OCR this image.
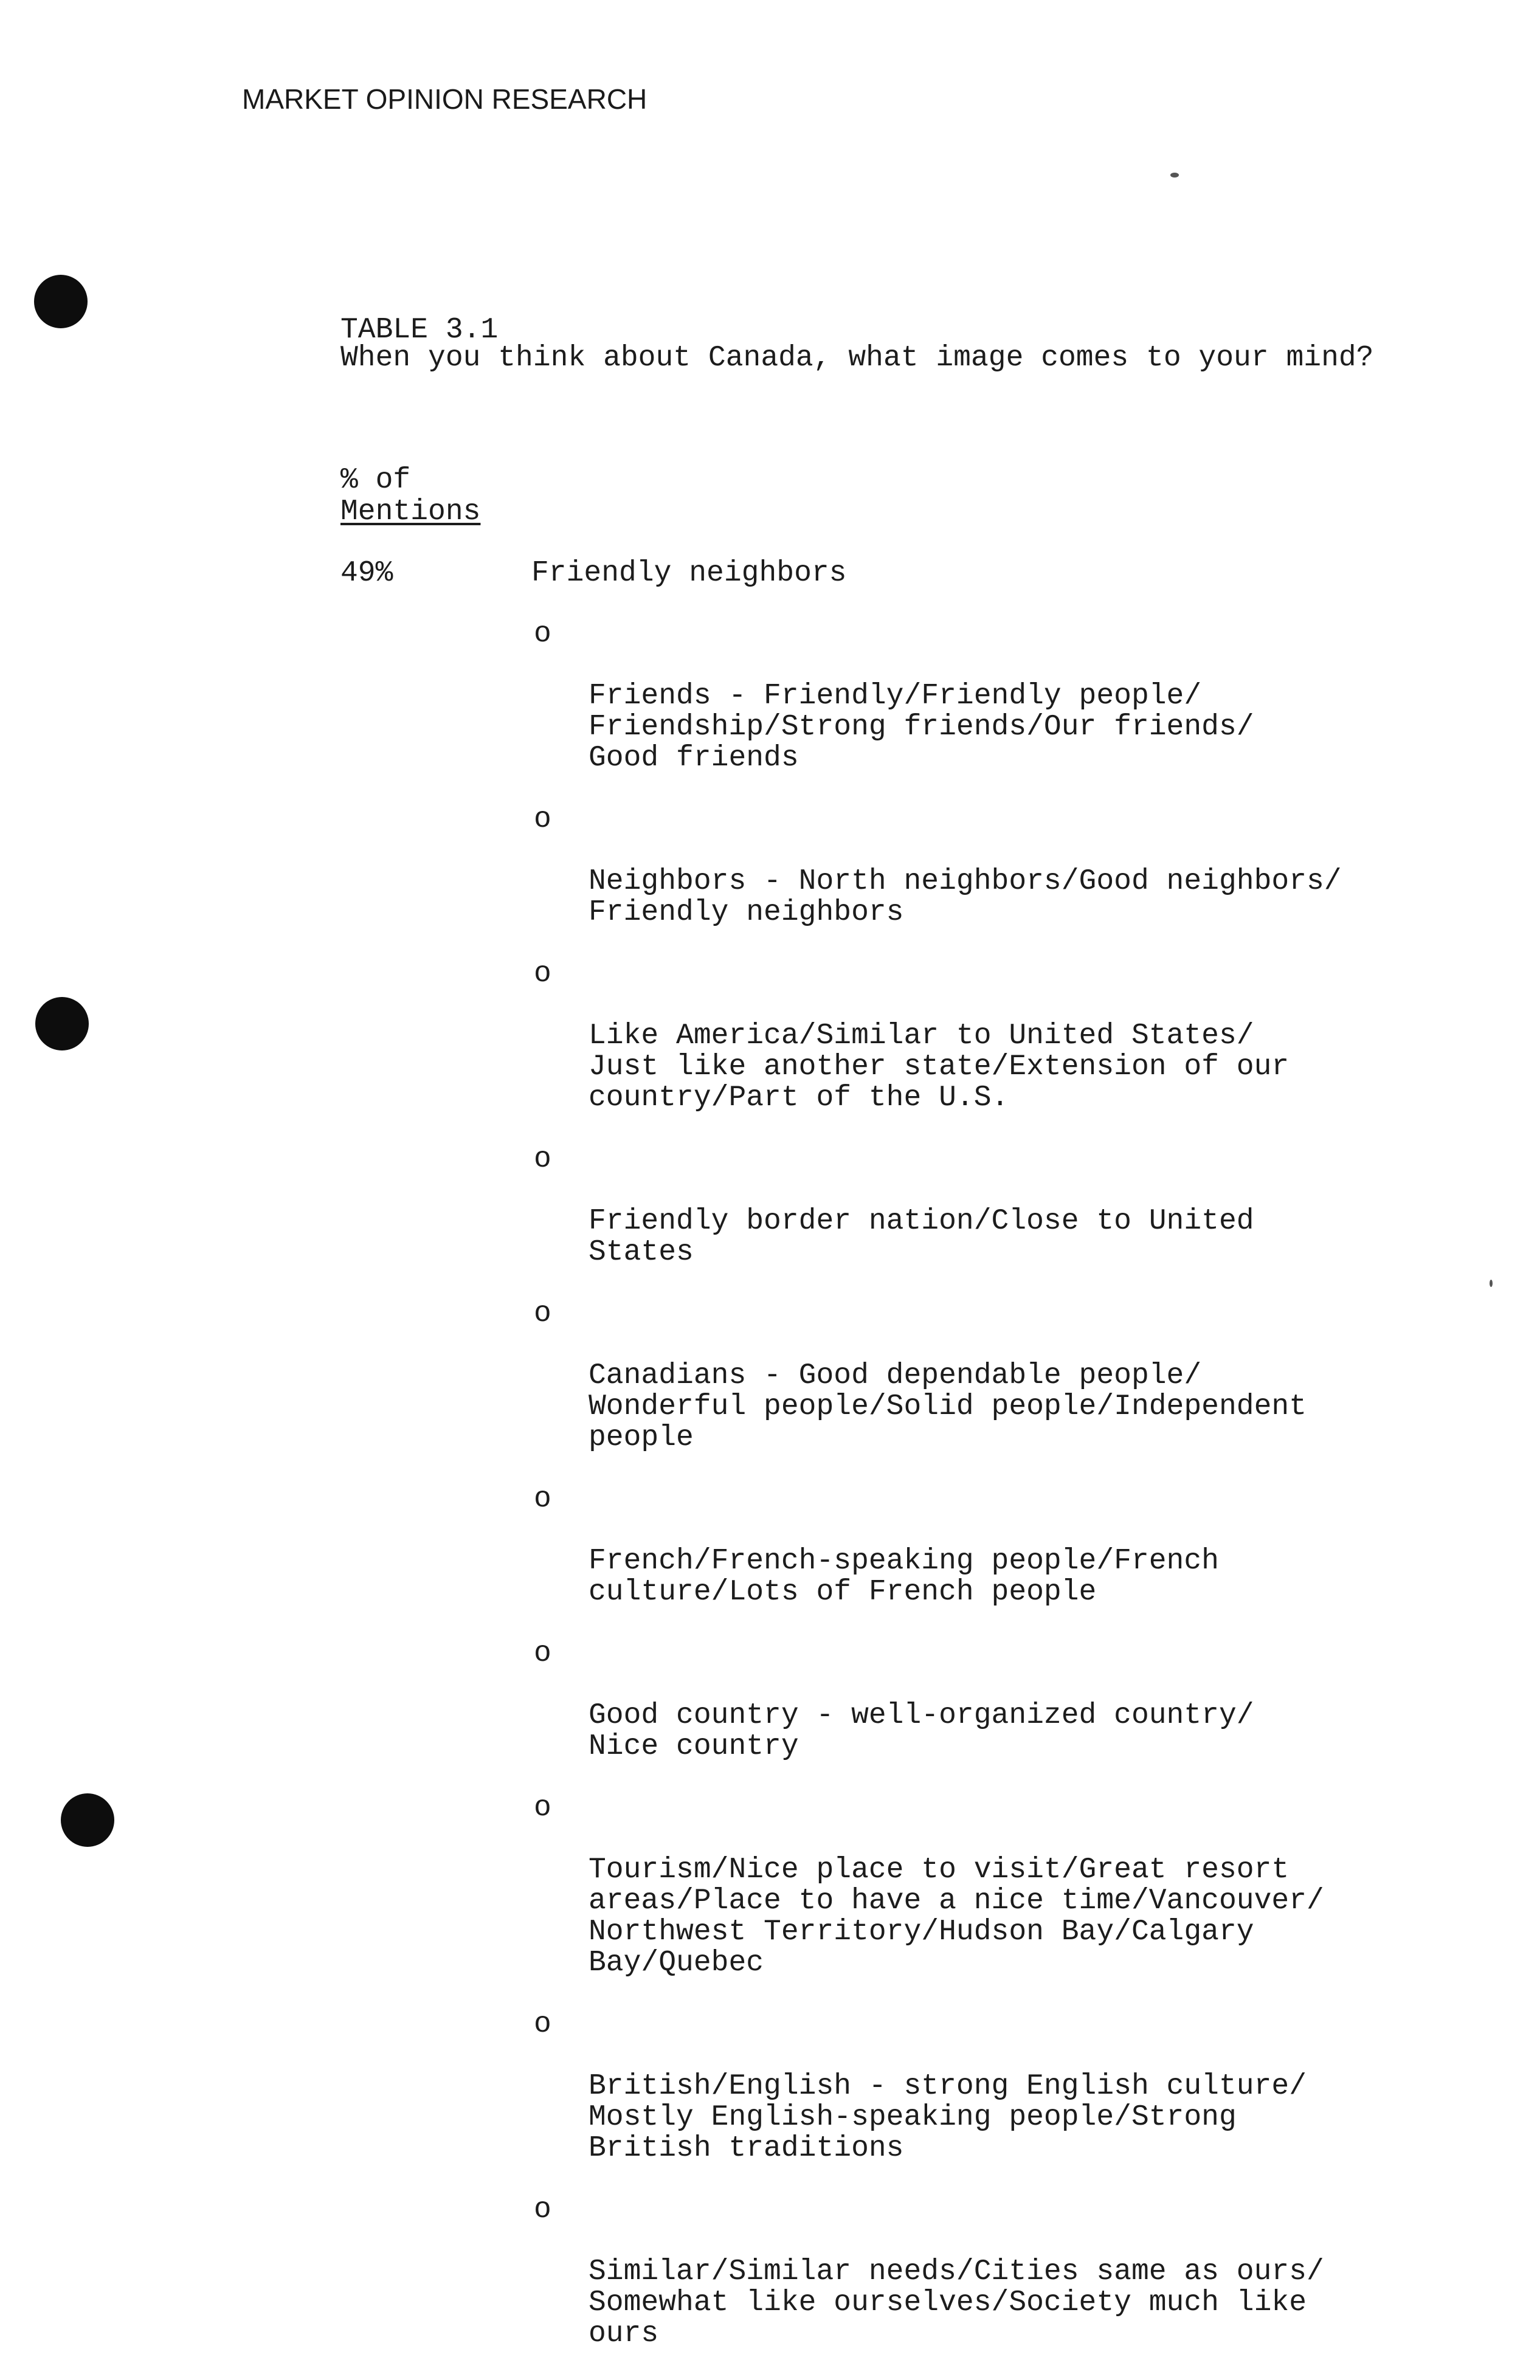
MARKET OPINION RESEARCH
TABLE 3.1
When you think about Canada, what image comes to your mind?
% of
Mentions
49%	Friendly neighbors

o

Friends - Friendly/Friendly people/
Friendship/Strong friends/Our friends/
Good friends

o

Neighbors - North neighbors/Good neighbors/
Friendly neighbors

o

Like America/Similar to United States/
Just like another state/Extension of our
country/Part of the U.S.

o

Friendly border nation/Close to United
States

o

Canadians - Good dependable people/
Wonderful people/Solid people/Independent
people

o

French/French-speaking people/French
culture/Lots of French people

o

Good country - well-organized country/
Nice country

o

Tourism/Nice place to visit/Great resort
areas/Place to have a nice time/Vancouver/
Northwest Territory/Hudson Bay/Calgary
Bay/Quebec

o

British/English - strong English culture/
Mostly English-speaking people/Strong
British traditions

o

Similar/Similar needs/Cities same as ours/
Somewhat like ourselves/Society much like
ours
